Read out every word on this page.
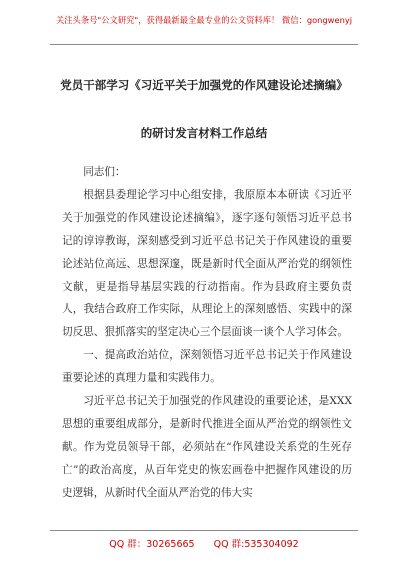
关注头条号"公文研究"，获得最新最全最专业的公文资料库！ 微信：gongwenyj
党员干部学习《习近平关于加强党的作风建设论述摘编》
的研讨发言材料工作总结

同志们：

根据县委理论学习中心组安排，我原原本本研读《习近平关于加强党的作风建设论述摘编》，逐字逐句领悟习近平总书记的谆谆教诲，深刻感受到习近平总书记关于作风建设的重要论述站位高远、思想深邃，既是新时代全面从严治党的纲领性文献，更是指导基层实践的行动指南。作为县政府主要负责人，我结合政府工作实际，从理论上的深刻感悟、实践中的深切反思、狠抓落实的坚定决心三个层面谈一谈个人学习体会。

一、提高政治站位，深刻领悟习近平总书记关于作风建设重要论述的真理力量和实践伟力。

习近平总书记关于加强党的作风建设的重要论述，是XXX思想的重要组成部分，是新时代推进全面从严治党的纲领性文献。作为党员领导干部，必须站在“作风建设关系党的生死存亡”的政治高度，从百年党史的恢宏画卷中把握作风建设的历史逻辑，从新时代全面从严治党的伟大实

QQ 群：30265665 QQ 群:535304092
